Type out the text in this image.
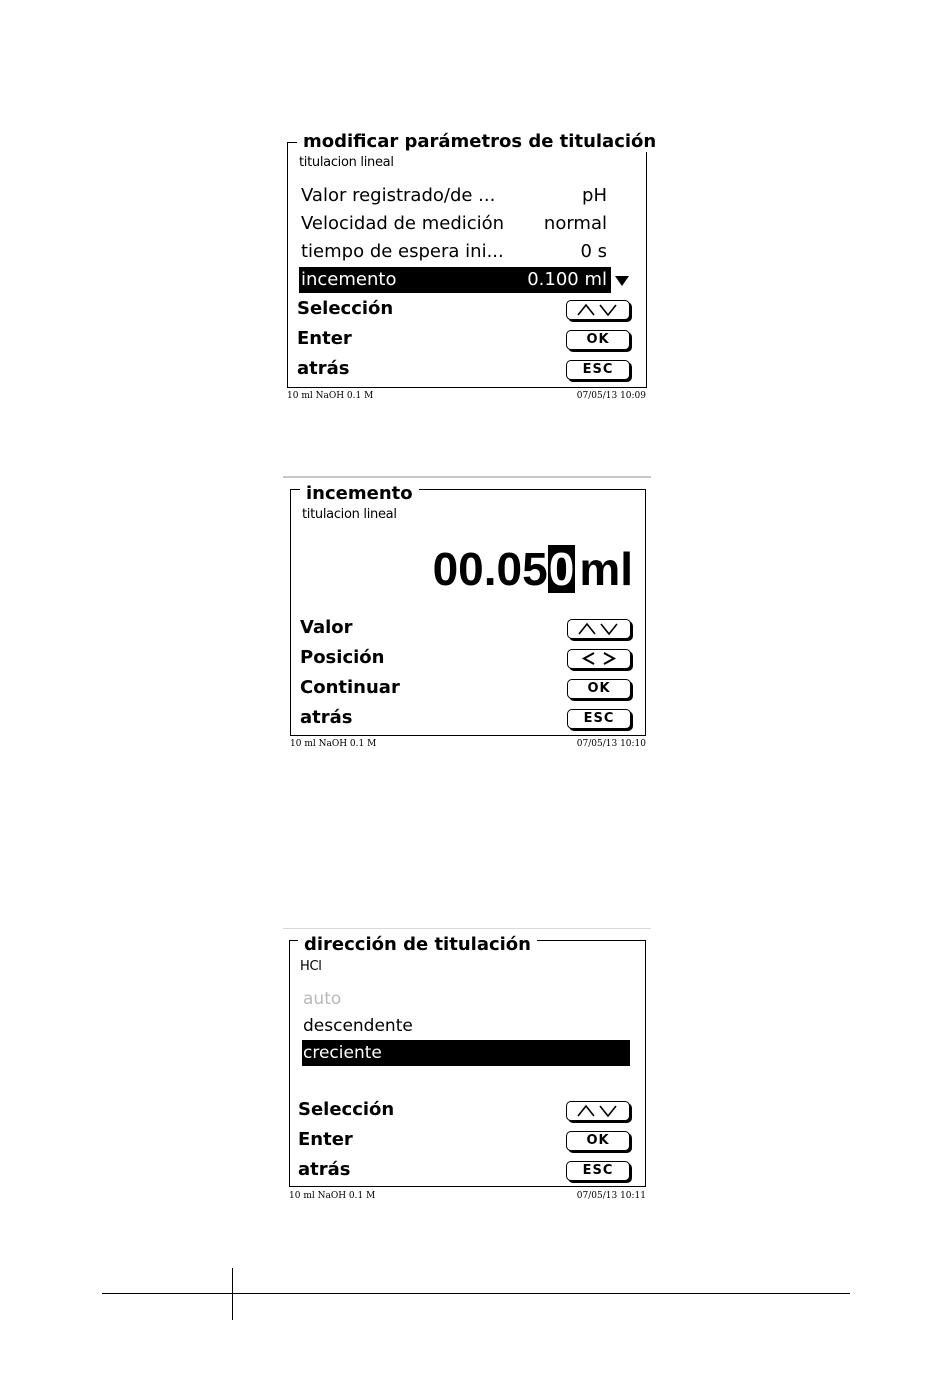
modificar parámetros de titulación
titulacion lineal
Valor registrado/de ...	pH
Velocidad de medición normal
tiempo de espera ini...	0 s
incemento	0.100 ml
Selección
Enter	OK
atrás	ESC
10 ml NaOH 0.1 M	07/05/13 10:09
incemento
titulacion lineal
00.050 ml
Valor
Posición
Continuar	OK
atrás	ESC
10 ml NaOH 0.1 M	07/05/13 10:10
dirección de titulación
HCl
auto
descendente
creciente
Selección
Enter	OK
atrás	ESC
10 ml NaOH 0.1 M	07/05/13 10:11
